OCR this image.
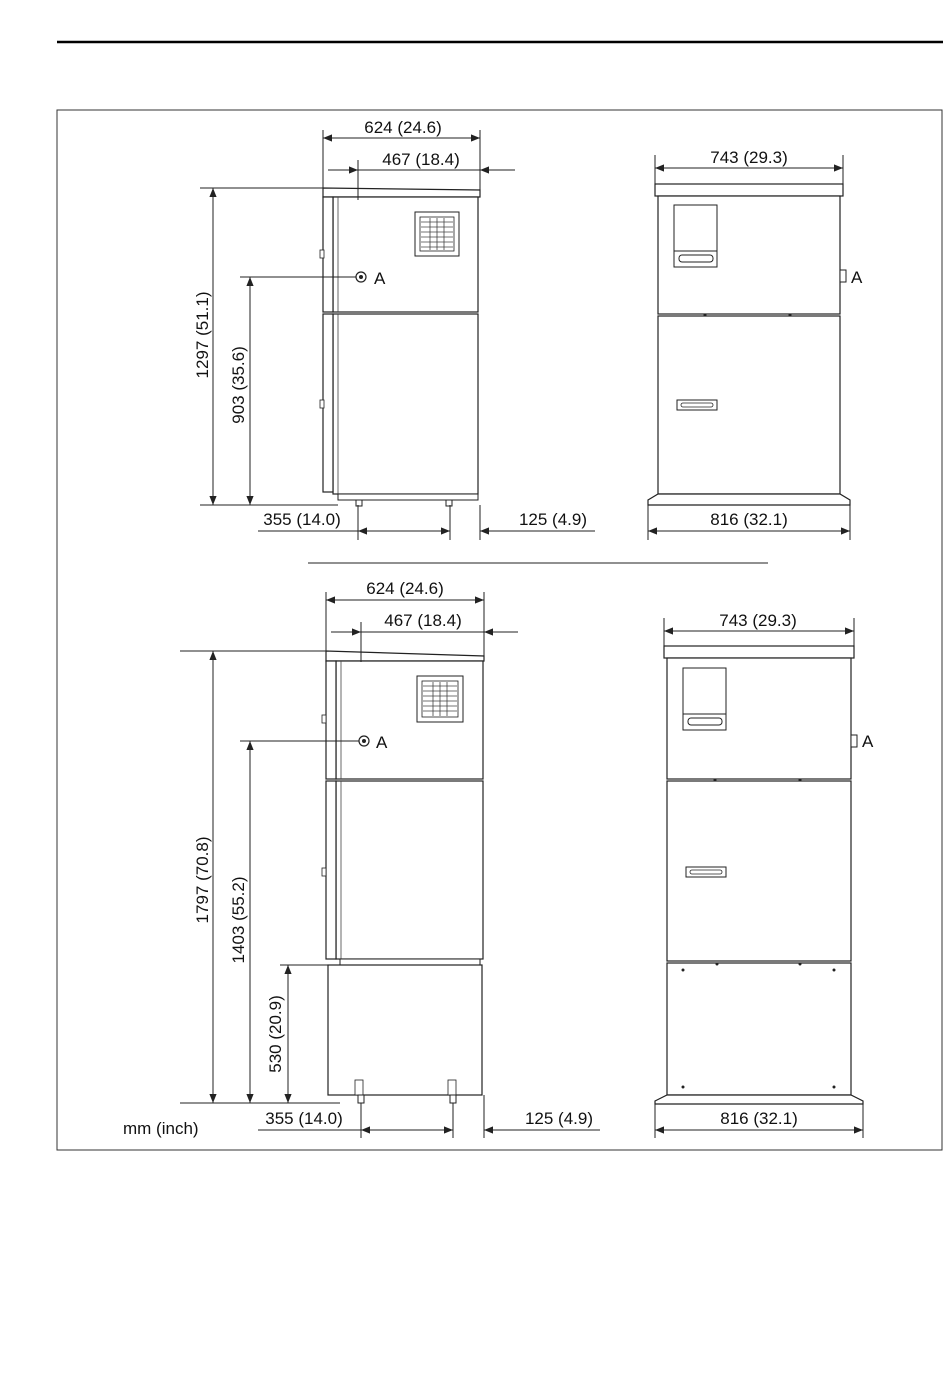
624 (24.6)
467 (18.4)
1297 (51.1)
903 (35.6)
A
355 (14.0)	125 (4.9)
743 (29.3)
816 (32.1)
A
624 (24.6)
467 (18.4)
1797 (70.8) 1403 (55.2)
530 (20.9)
A
355 (14.0)	125 (4.9)
743 (29.3)
816 (32.1)
A
mm (inch)
